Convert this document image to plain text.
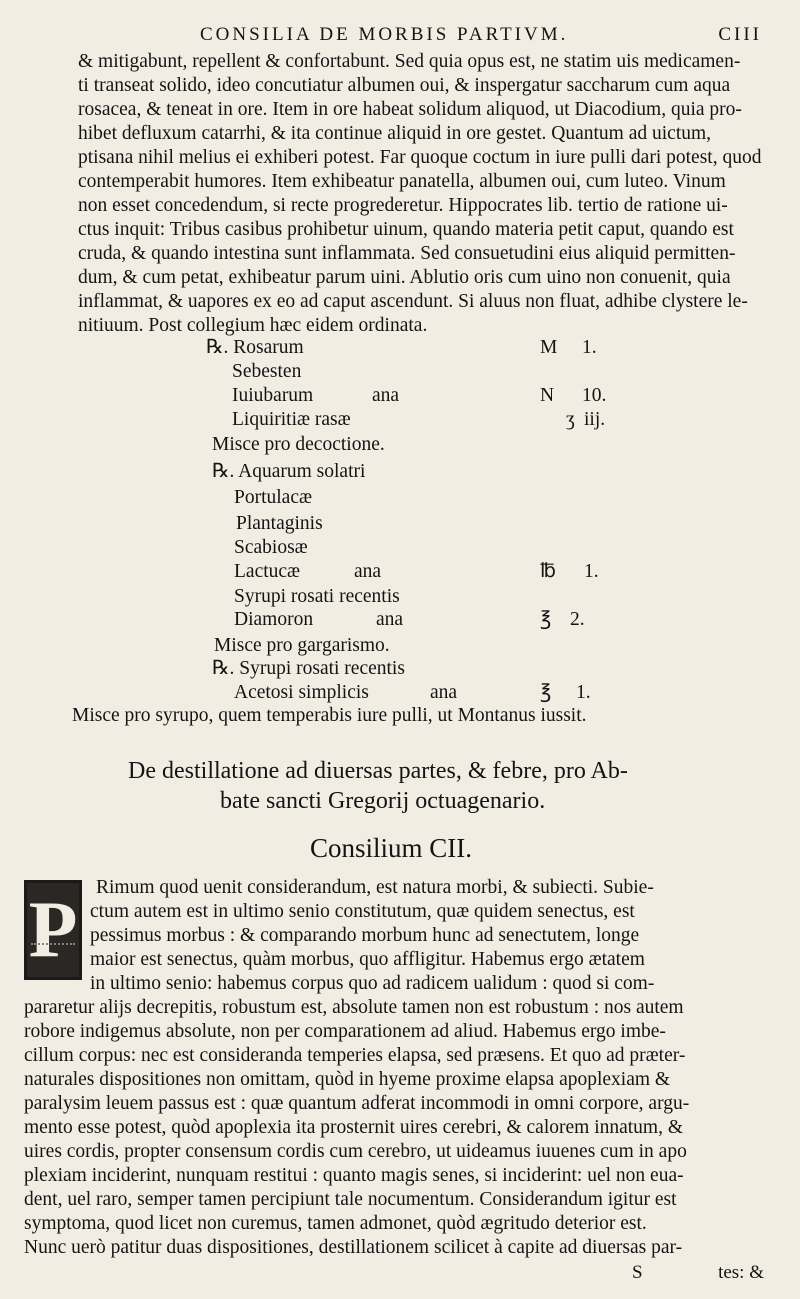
CONSILIA DE MORBIS PARTIVM.	CIII
& mitigabunt, repellent & confortabunt. Sed quia opus est, ne statim uis medicamen-
ti transeat solido, ideo concutiatur albumen oui, & inspergatur saccharum cum aqua
rosacea, & teneat in ore. Item in ore habeat solidum aliquod, ut Diacodium, quia pro-
hibet defluxum catarrhi, & ita continue aliquid in ore gestet. Quantum ad uictum,
ptisana nihil melius ei exhiberi potest. Far quoque coctum in iure pulli dari potest, quod
contemperabit humores. Item exhibeatur panatella, albumen oui, cum luteo. Vinum
non esset concedendum, si recte progrederetur. Hippocrates lib. tertio de ratione ui-
ctus inquit: Tribus casibus prohibetur uinum, quando materia petit caput, quando est
cruda, & quando intestina sunt inflammata. Sed consuetudini eius aliquid permitten-
dum, & cum petat, exhibeatur parum uini. Ablutio oris cum uino non conuenit, quia
inflammat, & uapores ex eo ad caput ascendunt. Si aluus non fluat, adhibe clystere le-
nitiuum. Post collegium hæc eidem ordinata.
℞. Rosarum	M 1.
Sebesten
Iuiubarum	ana	N 10.
Liquiritiæ rasæ	ʒ iij.
Misce pro decoctione.
℞. Aquarum solatri
Portulacæ
Plantaginis
Scabiosæ
Lactucæ	ana	℔ 1.
Syrupi rosati recentis
Diamoron	ana	℥ 2.
Misce pro gargarismo.
℞. Syrupi rosati recentis
Acetosi simplicis	ana	℥ 1.
Misce pro syrupo, quem temperabis iure pulli, ut Montanus iussit.
De destillatione ad diuersas partes, & febre, pro Ab-
bate sancti Gregorij octuagenario.
Consilium CII.
P Rimum quod uenit considerandum, est natura morbi, & subiecti. Subie-
ctum autem est in ultimo senio constitutum, quæ quidem senectus, est
pessimus morbus : & comparando morbum hunc ad senectutem, longe
maior est senectus, quàm morbus, quo affligitur. Habemus ergo ætatem
in ultimo senio: habemus corpus quo ad radicem ualidum : quod si com-
pararetur alijs decrepitis, robustum est, absolute tamen non est robustum : nos autem
robore indigemus absolute, non per comparationem ad aliud. Habemus ergo imbe-
cillum corpus: nec est consideranda temperies elapsa, sed præsens. Et quo ad præter-
naturales dispositiones non omittam, quòd in hyeme proxime elapsa apoplexiam &
paralysim leuem passus est : quæ quantum adferat incommodi in omni corpore, argu-
mento esse potest, quòd apoplexia ita prosternit uires cerebri, & calorem innatum, &
uires cordis, propter consensum cordis cum cerebro, ut uideamus iuuenes cum in apo
plexiam inciderint, nunquam restitui : quanto magis senes, si inciderint: uel non eua-
dent, uel raro, semper tamen percipiunt tale nocumentum. Considerandum igitur est
symptoma, quod licet non curemus, tamen admonet, quòd ægritudo deterior est.
Nunc uerò patitur duas dispositiones, destillationem scilicet à capite ad diuersas par-
S	tes: &
